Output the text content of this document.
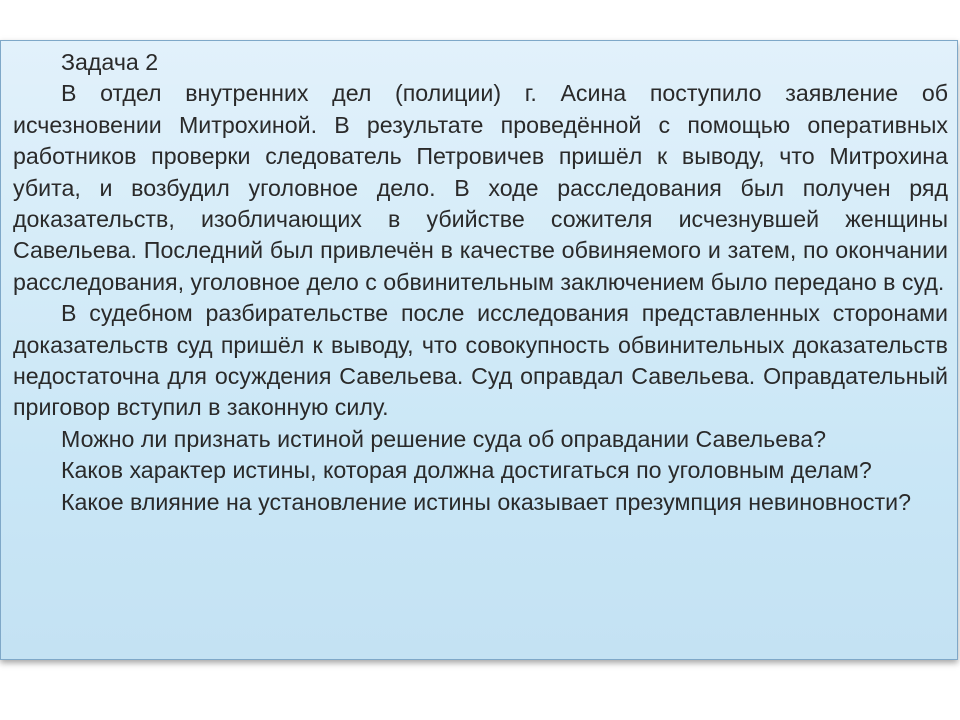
Задача 2

В отдел внутренних дел (полиции) г. Асина поступило заявление об исчезновении Митрохиной. В результате проведённой с помощью оперативных работников проверки следователь Петровичев пришёл к выводу, что Митрохина убита, и возбудил уголовное дело. В ходе расследования был получен ряд доказательств, изобличающих в убийстве сожителя исчезнувшей женщины Савельева. Последний был привлечён в качестве обвиняемого и затем, по окончании расследования, уголовное дело с обвинительным заключением было передано в суд.

В судебном разбирательстве после исследования представленных сторонами доказательств суд пришёл к выводу, что совокупность обвинительных доказательств недостаточна для осуждения Савельева. Суд оправдал Савельева. Оправдательный приговор вступил в законную силу.

Можно ли признать истиной решение суда об оправдании Савельева?

Каков характер истины, которая должна достигаться по уголовным делам?

Какое влияние на установление истины оказывает презумпция невиновности?
